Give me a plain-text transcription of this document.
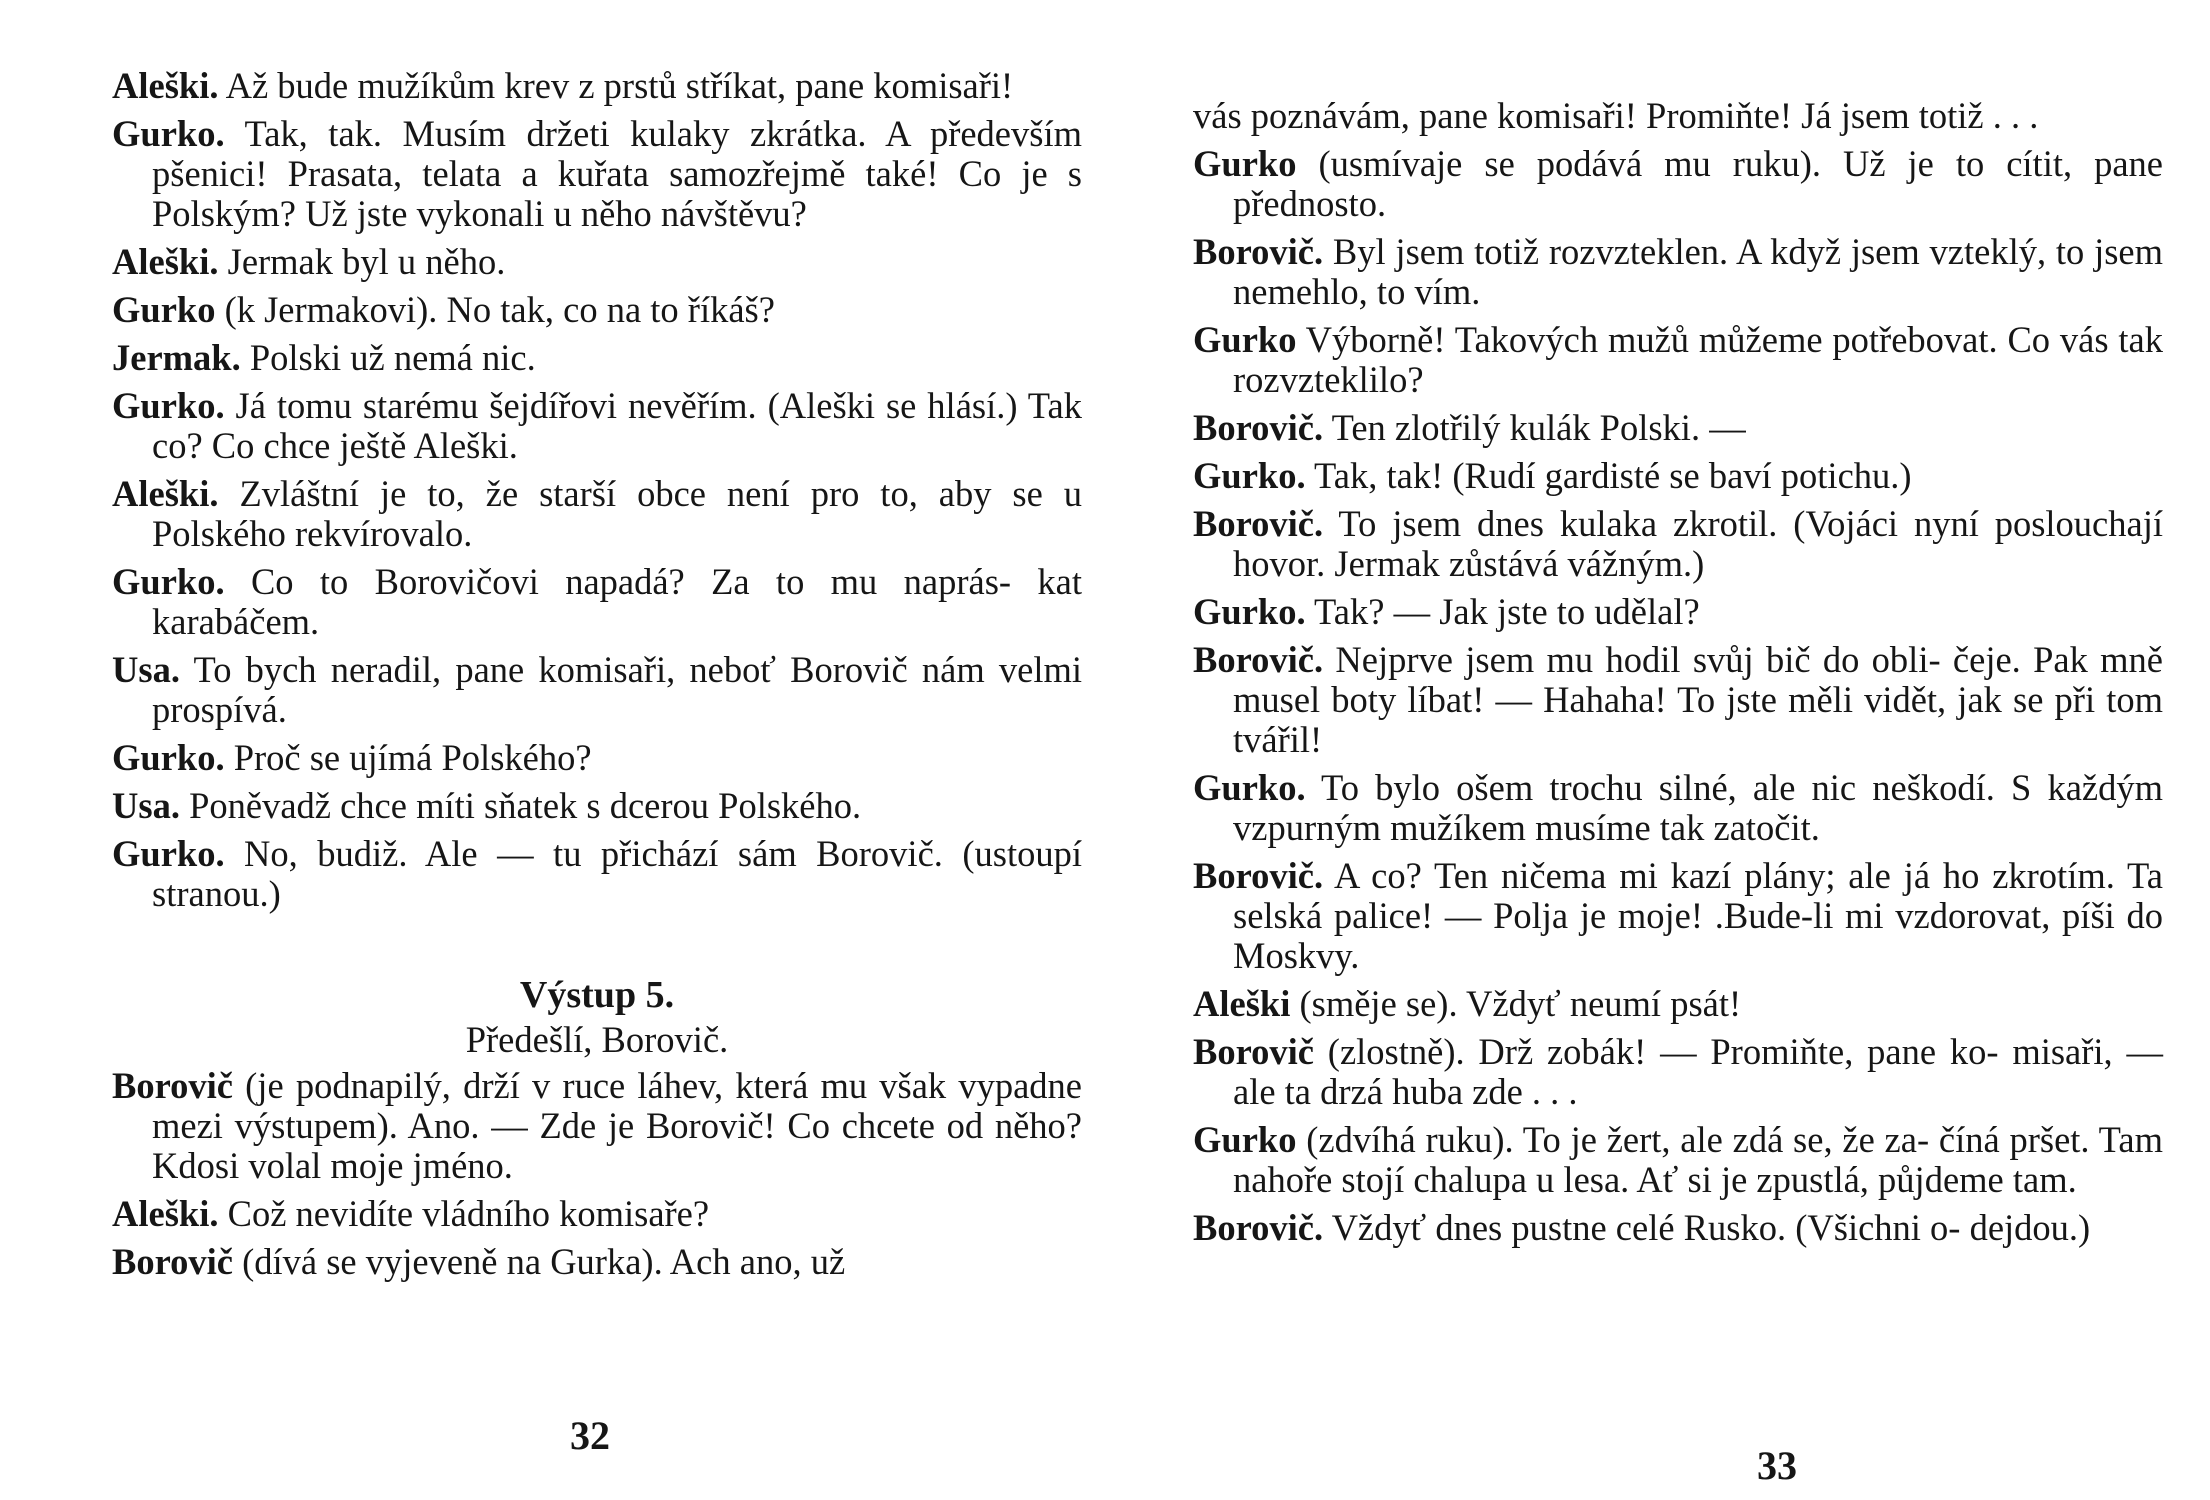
Aleški. Až bude mužíkům krev z prstů stříkat, pane komisaři!
Gurko. Tak, tak. Musím držeti kulaky zkrátka. A především pšenici! Prasata, telata a kuřata samozřejmě také! Co je s Polským? Už jste vykonali u něho návštěvu?
Aleški. Jermak byl u něho.
Gurko (k Jermakovi). No tak, co na to říkáš?
Jermak. Polski už nemá nic.
Gurko. Já tomu starému šejdířovi nevěřím. (Aleški se hlásí.) Tak co? Co chce ještě Aleški.
Aleški. Zvláštní je to, že starší obce není pro to, aby se u Polského rekvírovalo.
Gurko. Co to Borovičovi napadá? Za to mu naprás- kat karabáčem.
Usa. To bych neradil, pane komisaři, neboť Borovič nám velmi prospívá.
Gurko. Proč se ujímá Polského?
Usa. Poněvadž chce míti sňatek s dcerou Polského.
Gurko. No, budiž. Ale — tu přichází sám Borovič. (ustoupí stranou.)
Výstup 5.
Předešlí, Borovič.
Borovič (je podnapilý, drží v ruce láhev, která mu však vypadne mezi výstupem). Ano. — Zde je Borovič! Co chcete od něho? Kdosi volal moje jméno.
Aleški. Což nevidíte vládního komisaře?
Borovič (dívá se vyjeveně na Gurka). Ach ano, už
32
vás poznávám, pane komisaři! Promiňte! Já jsem totiž . . .
Gurko (usmívaje se podává mu ruku). Už je to cítit, pane přednosto.
Borovič. Byl jsem totiž rozvzteklen. A když jsem vzteklý, to jsem nemehlo, to vím.
Gurko Výborně! Takových mužů můžeme potřebovat. Co vás tak rozvzteklilo?
Borovič. Ten zlotřilý kulák Polski. —
Gurko. Tak, tak! (Rudí gardisté se baví potichu.)
Borovič. To jsem dnes kulaka zkrotil. (Vojáci nyní poslouchají hovor. Jermak zůstává vážným.)
Gurko. Tak? — Jak jste to udělal?
Borovič. Nejprve jsem mu hodil svůj bič do obli- čeje. Pak mně musel boty líbat! — Hahaha! To jste měli vidět, jak se při tom tvářil!
Gurko. To bylo ošem trochu silné, ale nic neškodí. S každým vzpurným mužíkem musíme tak zatočit.
Borovič. A co? Ten ničema mi kazí plány; ale já ho zkrotím. Ta selská palice! — Polja je moje! .Bude-li mi vzdorovat, píši do Moskvy.
Aleški (směje se). Vždyť neumí psát!
Borovič (zlostně). Drž zobák! — Promiňte, pane ko- misaři, — ale ta drzá huba zde . . .
Gurko (zdvíhá ruku). To je žert, ale zdá se, že za- číná pršet. Tam nahoře stojí chalupa u lesa. Ať si je zpustlá, půjdeme tam.
Borovič. Vždyť dnes pustne celé Rusko. (Všichni o- dejdou.)
33
